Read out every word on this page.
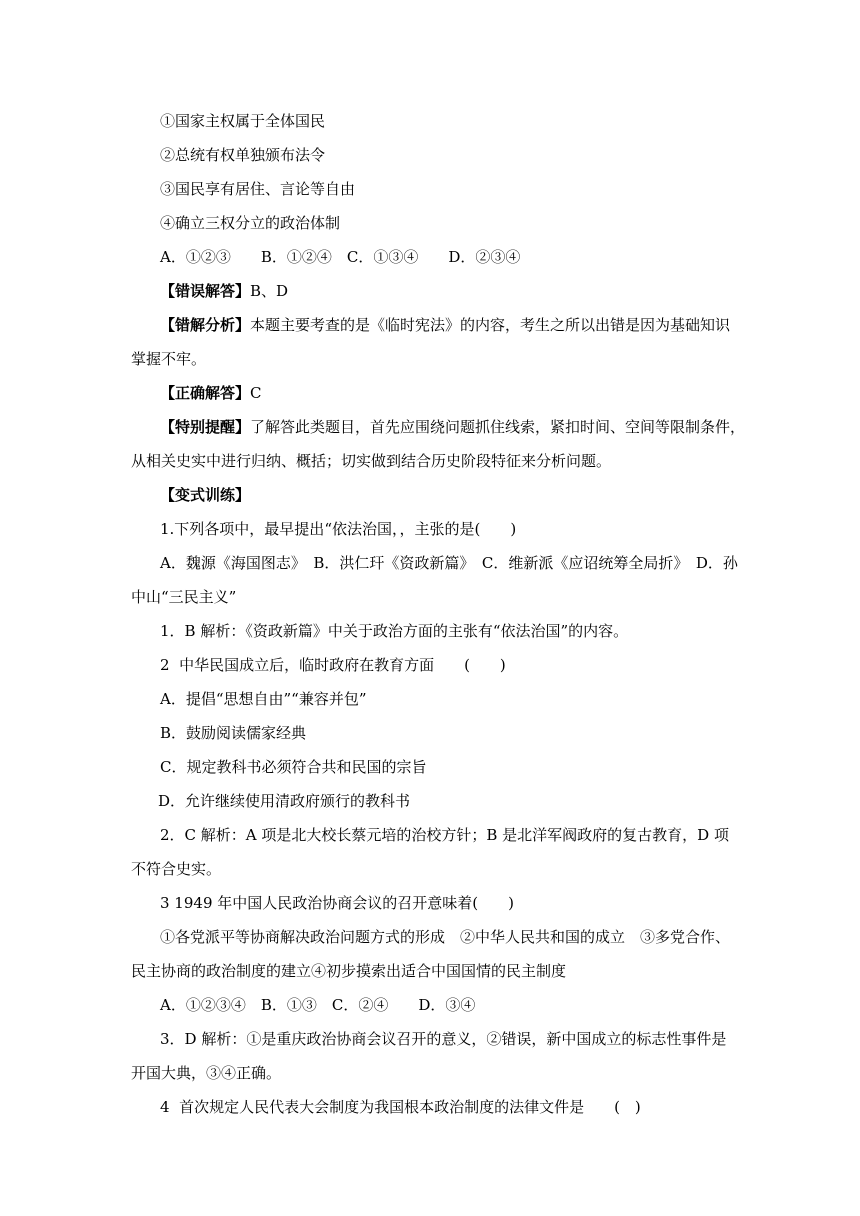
①国家主权属于全体国民
②总统有权单独颁布法令
③国民享有居住、言论等自由
④确立三权分立的政治体制
A．①②③　　B．①②④　C．①③④　　D．②③④
【错误解答】B、D
【错解分析】本题主要考查的是《临时宪法》的内容，考生之所以出错是因为基础知识
掌握不牢。
【正确解答】C
【特别提醒】了解答此类题目，首先应围绕问题抓住线索，紧扣时间、空间等限制条件，
从相关史实中进行归纳、概括；切实做到结合历史阶段特征来分析问题。
【变式训练】
1.下列各项中，最早提出“依法治国，，主张的是(　　)
A．魏源《海国图志》　B．洪仁玕《资政新篇》　C．维新派《应诏统筹全局折》　D．孙
中山“三民主义”
1．B 解析：《资政新篇》中关于政治方面的主张有“依法治国”的内容。
2  中华民国成立后，临时政府在教育方面　　(　　)
A．提倡“思想自由”“兼容并包”
B．鼓励阅读儒家经典
C．规定教科书必须符合共和民国的宗旨
D．允许继续使用清政府颁行的教科书
2．C 解析：A 项是北大校长蔡元培的治校方针；B 是北洋军阀政府的复古教育，D 项
不符合史实。
3 1949 年中国人民政治协商会议的召开意味着(　　)
①各党派平等协商解决政治问题方式的形成　②中华人民共和国的成立　③多党合作、
民主协商的政治制度的建立④初步摸索出适合中国国情的民主制度
A．①②③④　B．①③　C．②④　　D．③④
3．D 解析：①是重庆政治协商会议召开的意义，②错误，新中国成立的标志性事件是
开国大典，③④正确。
4  首次规定人民代表大会制度为我国根本政治制度的法律文件是　　(　)
